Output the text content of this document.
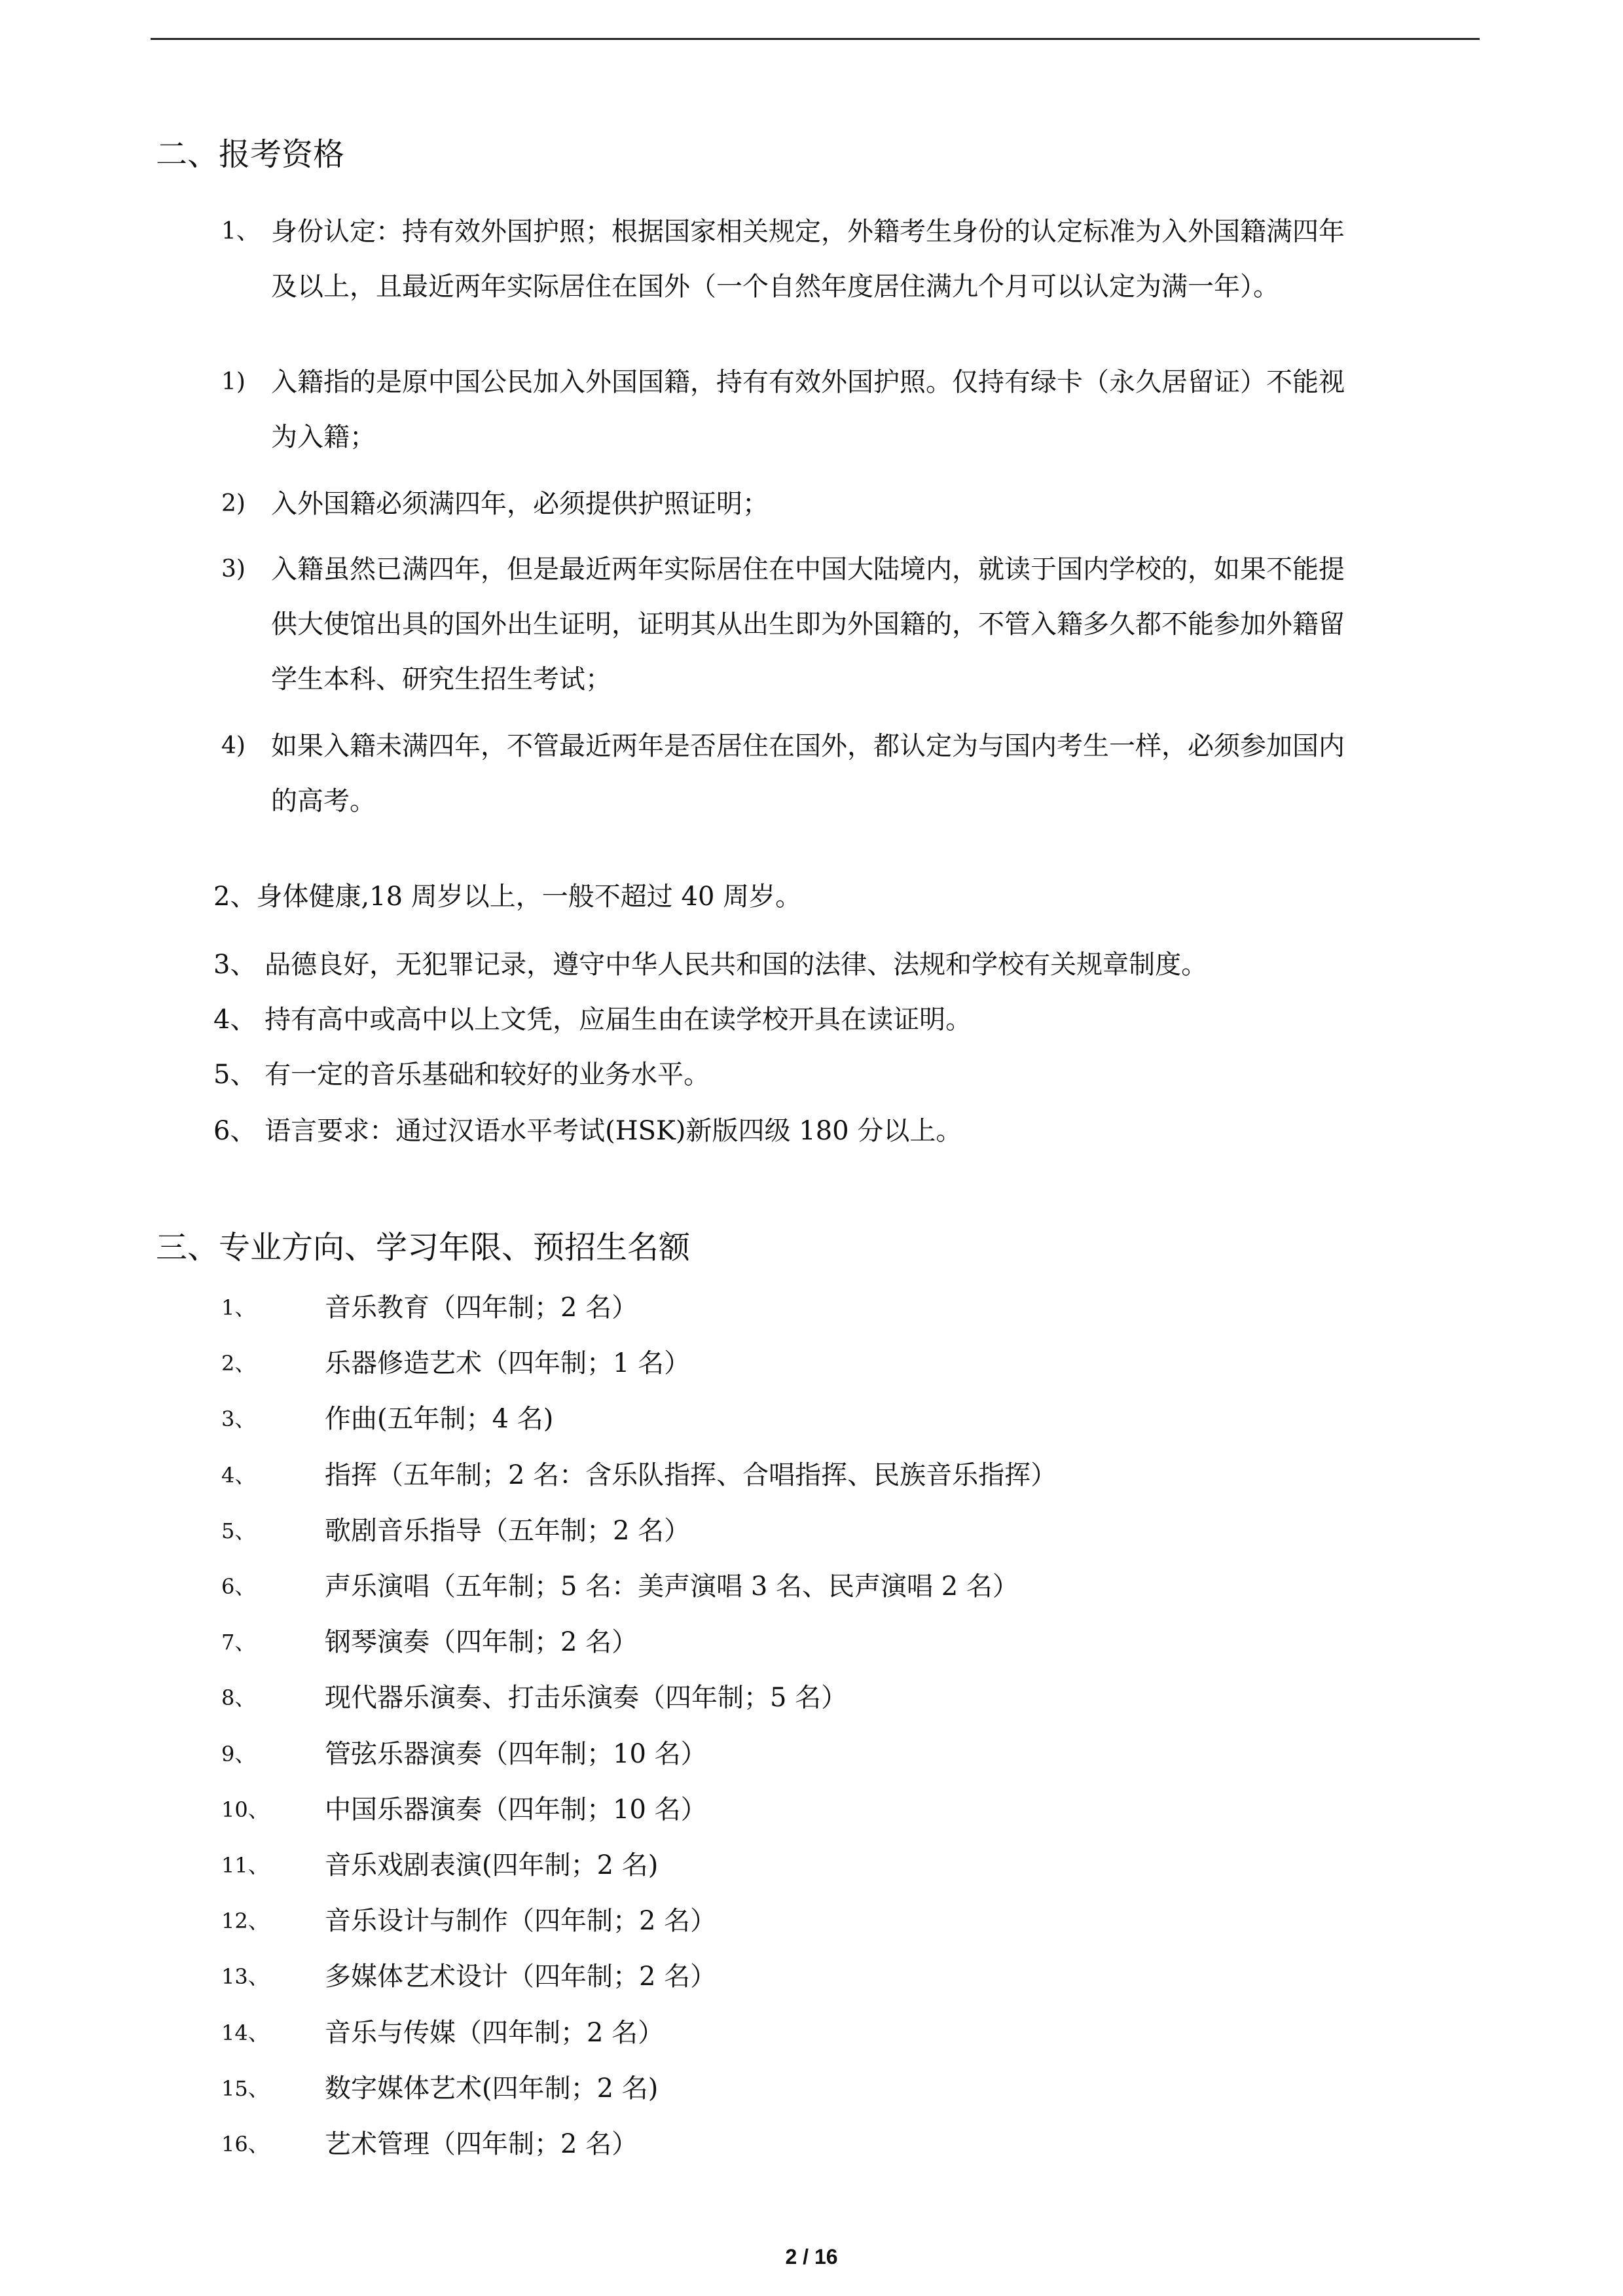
二、报考资格
1、 身份认定：持有效外国护照；根据国家相关规定，外籍考生身份的认定标准为入外国籍满四年
及以上，且最近两年实际居住在国外（一个自然年度居住满九个月可以认定为满一年）。
1) 入籍指的是原中国公民加入外国国籍，持有有效外国护照。仅持有绿卡（永久居留证）不能视
为入籍；
2) 入外国籍必须满四年，必须提供护照证明；
3) 入籍虽然已满四年，但是最近两年实际居住在中国大陆境内，就读于国内学校的，如果不能提
供大使馆出具的国外出生证明，证明其从出生即为外国籍的，不管入籍多久都不能参加外籍留
学生本科、研究生招生考试；
4) 如果入籍未满四年，不管最近两年是否居住在国外，都认定为与国内考生一样，必须参加国内
的高考。
2、身体健康,18 周岁以上，一般不超过 40 周岁。
3、 品德良好，无犯罪记录，遵守中华人民共和国的法律、法规和学校有关规章制度。
4、 持有高中或高中以上文凭，应届生由在读学校开具在读证明。
5、 有一定的音乐基础和较好的业务水平。
6、 语言要求：通过汉语水平考试(HSK)新版四级 180 分以上。
三、专业方向、学习年限、预招生名额
1、	音乐教育（四年制；2 名）
2、	乐器修造艺术（四年制；1 名）
3、	作曲(五年制；4 名)
4、	指挥（五年制；2 名：含乐队指挥、合唱指挥、民族音乐指挥）
5、	歌剧音乐指导（五年制；2 名）
6、	声乐演唱（五年制；5 名：美声演唱 3 名、民声演唱 2 名）
7、	钢琴演奏（四年制；2 名）
8、	现代器乐演奏、打击乐演奏（四年制；5 名）
9、	管弦乐器演奏（四年制；10 名）
10、 中国乐器演奏（四年制；10 名）
11、 音乐戏剧表演(四年制；2 名)
12、 音乐设计与制作（四年制；2 名）
13、 多媒体艺术设计（四年制；2 名）
14、 音乐与传媒（四年制；2 名）
15、 数字媒体艺术(四年制；2 名)
16、 艺术管理（四年制；2 名）
2 / 16
